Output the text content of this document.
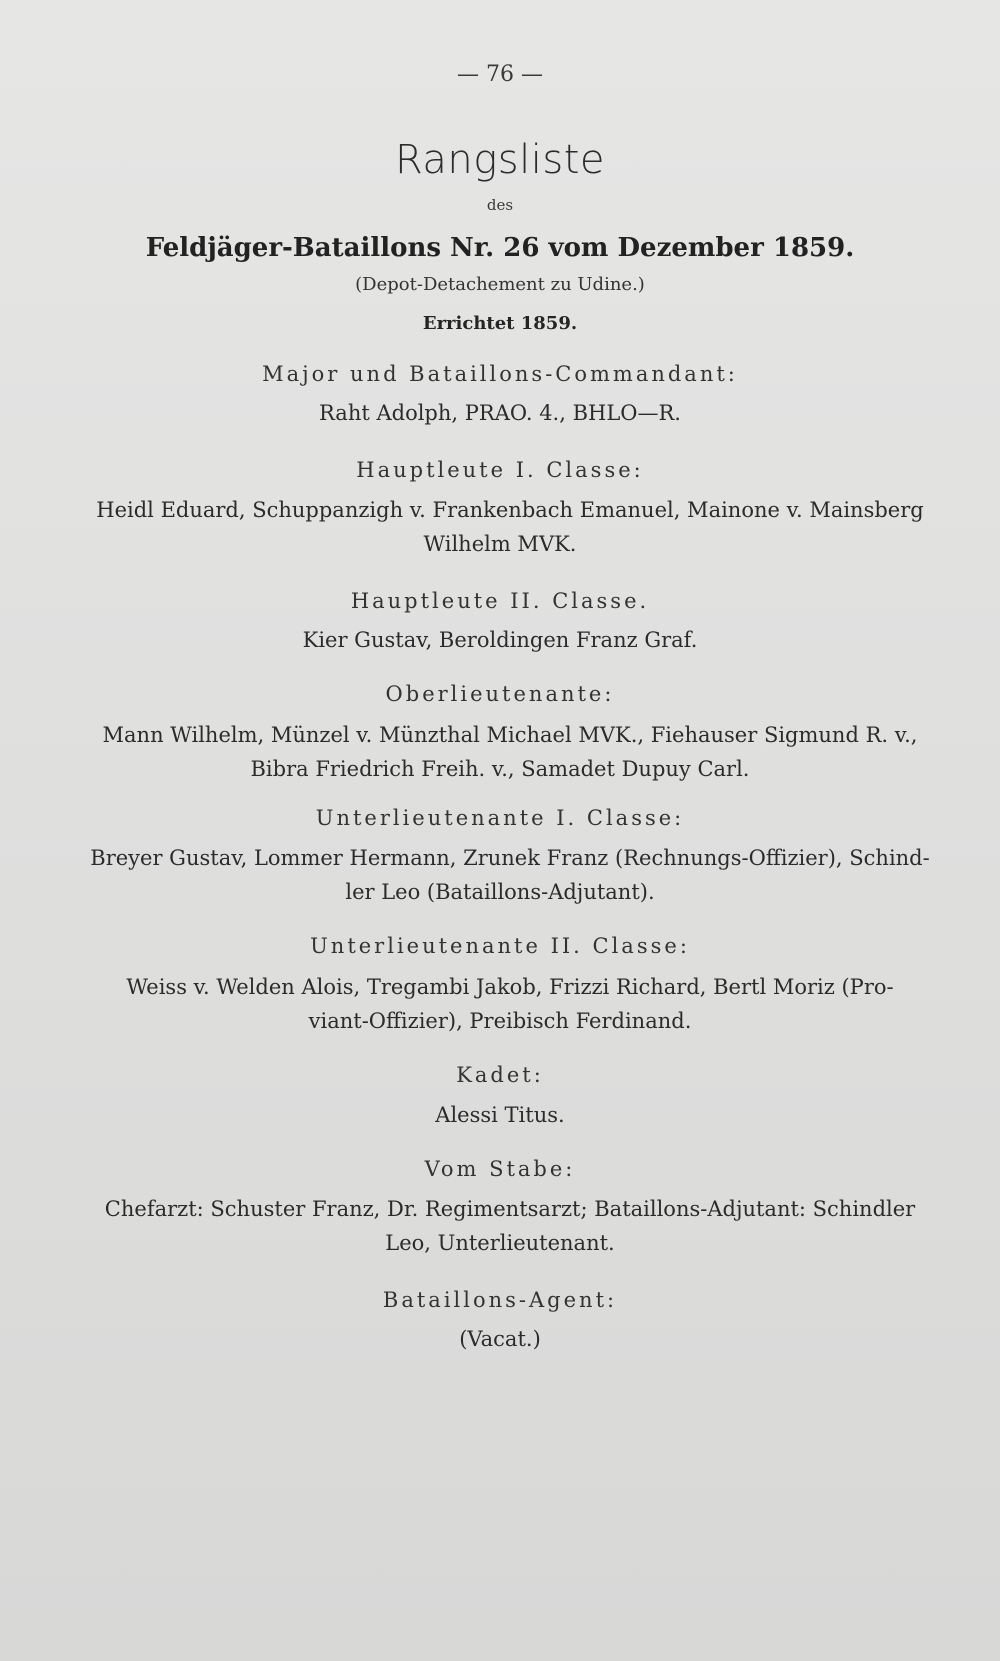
— 76 —
Rangsliste
des
Feldjäger-Bataillons Nr. 26 vom Dezember 1859.
(Depot-Detachement zu Udine.)
Errichtet 1859.
Major und Bataillons-Commandant:
Raht Adolph, PRAO. 4., BHLO—R.
Hauptleute I. Classe:
Heidl Eduard, Schuppanzigh v. Frankenbach Emanuel, Mainone v. Mainsberg
Wilhelm MVK.
Hauptleute II. Classe.
Kier Gustav, Beroldingen Franz Graf.
Oberlieutenante:
Mann Wilhelm, Münzel v. Münzthal Michael MVK., Fiehauser Sigmund R. v.,
Bibra Friedrich Freih. v., Samadet Dupuy Carl.
Unterlieutenante I. Classe:
Breyer Gustav, Lommer Hermann, Zrunek Franz (Rechnungs-Offizier), Schind-
ler Leo (Bataillons-Adjutant).
Unterlieutenante II. Classe:
Weiss v. Welden Alois, Tregambi Jakob, Frizzi Richard, Bertl Moriz (Pro-
viant-Offizier), Preibisch Ferdinand.
Kadet:
Alessi Titus.
Vom Stabe:
Chefarzt: Schuster Franz, Dr. Regimentsarzt; Bataillons-Adjutant: Schindler
Leo, Unterlieutenant.
Bataillons-Agent:
(Vacat.)
